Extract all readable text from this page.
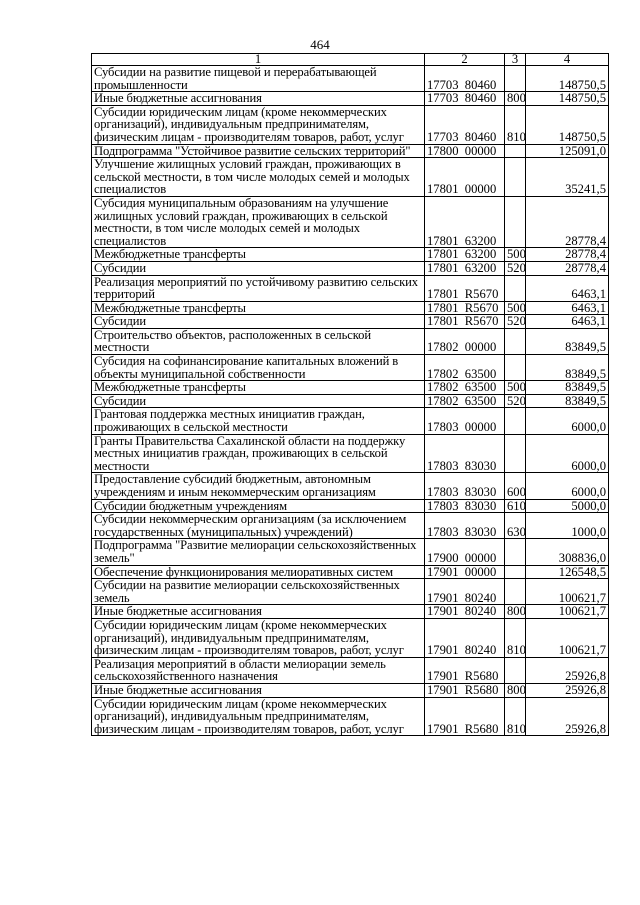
464
1	2	3	4
Субсидии на развитие пищевой и перерабатывающей промышленности	17703 80460		148750,5
Иные бюджетные ассигнования	17703 80460	800	148750,5
Субсидии юридическим лицам (кроме некоммерческих организаций), индивидуальным предпринимателям, физическим лицам - производителям товаров, работ, услуг	17703 80460	810	148750,5
Подпрограмма "Устойчивое развитие сельских территорий"	17800 00000		125091,0
Улучшение жилищных условий граждан, проживающих в сельской местности, в том числе молодых семей и молодых специалистов	17801 00000		35241,5
Субсидия муниципальным образованиям на улучшение жилищных условий граждан, проживающих в сельской местности, в том числе молодых семей и молодых специалистов	17801 63200		28778,4
Межбюджетные трансферты	17801 63200	500	28778,4
Субсидии	17801 63200	520	28778,4
Реализация мероприятий по устойчивому развитию сельских территорий	17801 R5670		6463,1
Межбюджетные трансферты	17801 R5670	500	6463,1
Субсидии	17801 R5670	520	6463,1
Строительство объектов, расположенных в сельской местности	17802 00000		83849,5
Субсидия на софинансирование капитальных вложений в объекты муниципальной собственности	17802 63500		83849,5
Межбюджетные трансферты	17802 63500	500	83849,5
Субсидии	17802 63500	520	83849,5
Грантовая поддержка местных инициатив граждан, проживающих в сельской местности	17803 00000		6000,0
Гранты Правительства Сахалинской области на поддержку местных инициатив граждан, проживающих в сельской местности	17803 83030		6000,0
Предоставление субсидий бюджетным, автономным учреждениям и иным некоммерческим организациям	17803 83030	600	6000,0
Субсидии бюджетным учреждениям	17803 83030	610	5000,0
Субсидии некоммерческим организациям (за исключением государственных (муниципальных) учреждений)	17803 83030	630	1000,0
Подпрограмма "Развитие мелиорации сельскохозяйственных земель"	17900 00000		308836,0
Обеспечение функционирования мелиоративных систем	17901 00000		126548,5
Субсидии на развитие мелиорации сельскохозяйственных земель	17901 80240		100621,7
Иные бюджетные ассигнования	17901 80240	800	100621,7
Субсидии юридическим лицам (кроме некоммерческих организаций), индивидуальным предпринимателям, физическим лицам - производителям товаров, работ, услуг	17901 80240	810	100621,7
Реализация мероприятий в области мелиорации земель сельскохозяйственного назначения	17901 R5680		25926,8
Иные бюджетные ассигнования	17901 R5680	800	25926,8
Субсидии юридическим лицам (кроме некоммерческих организаций), индивидуальным предпринимателям, физическим лицам - производителям товаров, работ, услуг	17901 R5680	810	25926,8
